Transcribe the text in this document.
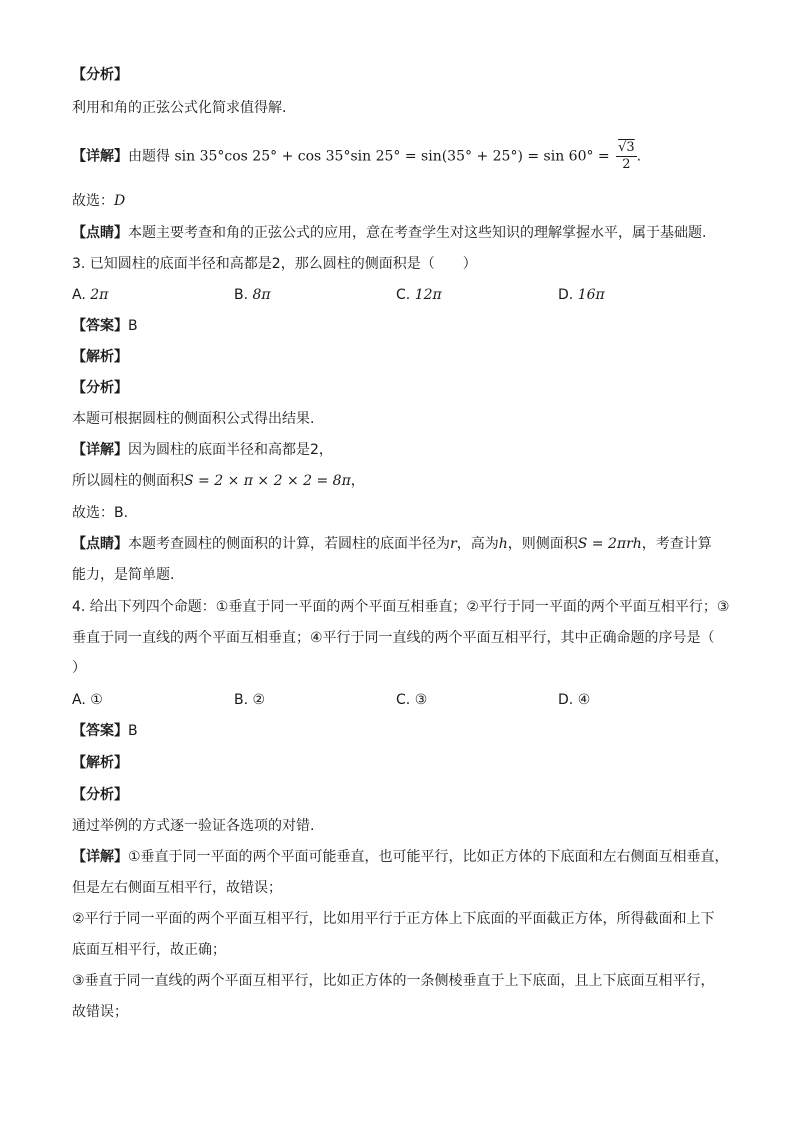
【分析】
利用和角的正弦公式化简求值得解.
【详解】由题得 sin 35°cos 25° + cos 35°sin $25^\circ = \sin(35^\circ + 25^\circ) = \sin 60^\circ = \frac{√3}{2}$ .
故选：D
【点睛】本题主要考查和角的正弦公式的应用，意在考查学生对这些知识的理解掌握水平，属于基础题.
3. 已知圆柱的底面半径和高都是2，那么圆柱的侧面积是（　　）
A. 2π	B. 8π	C. 12π	D. 16π
【答案】B
【解析】
【分析】
本题可根据圆柱的侧面积公式得出结果.
【详解】因为圆柱的底面半径和高都是2，
所以圆柱的侧面积S = 2 × π × 2 × 2 = 8π，
故选：B.
【点睛】本题考查圆柱的侧面积的计算，若圆柱的底面半径为r，高为h，则侧面积S = 2πrh，考查计算
能力，是简单题.
4. 给出下列四个命题：①垂直于同一平面的两个平面互相垂直；②平行于同一平面的两个平面互相平行；③
垂直于同一直线的两个平面互相垂直；④平行于同一直线的两个平面互相平行，其中正确命题的序号是（
）
A. ①	B. ②	C. ③	D. ④
【答案】B
【解析】
【分析】
通过举例的方式逐一验证各选项的对错.
【详解】①垂直于同一平面的两个平面可能垂直，也可能平行，比如正方体的下底面和左右侧面互相垂直，
但是左右侧面互相平行，故错误；
②平行于同一平面的两个平面互相平行，比如用平行于正方体上下底面的平面截正方体，所得截面和上下
底面互相平行，故正确；
③垂直于同一直线的两个平面互相平行，比如正方体的一条侧棱垂直于上下底面，且上下底面互相平行，
故错误；
